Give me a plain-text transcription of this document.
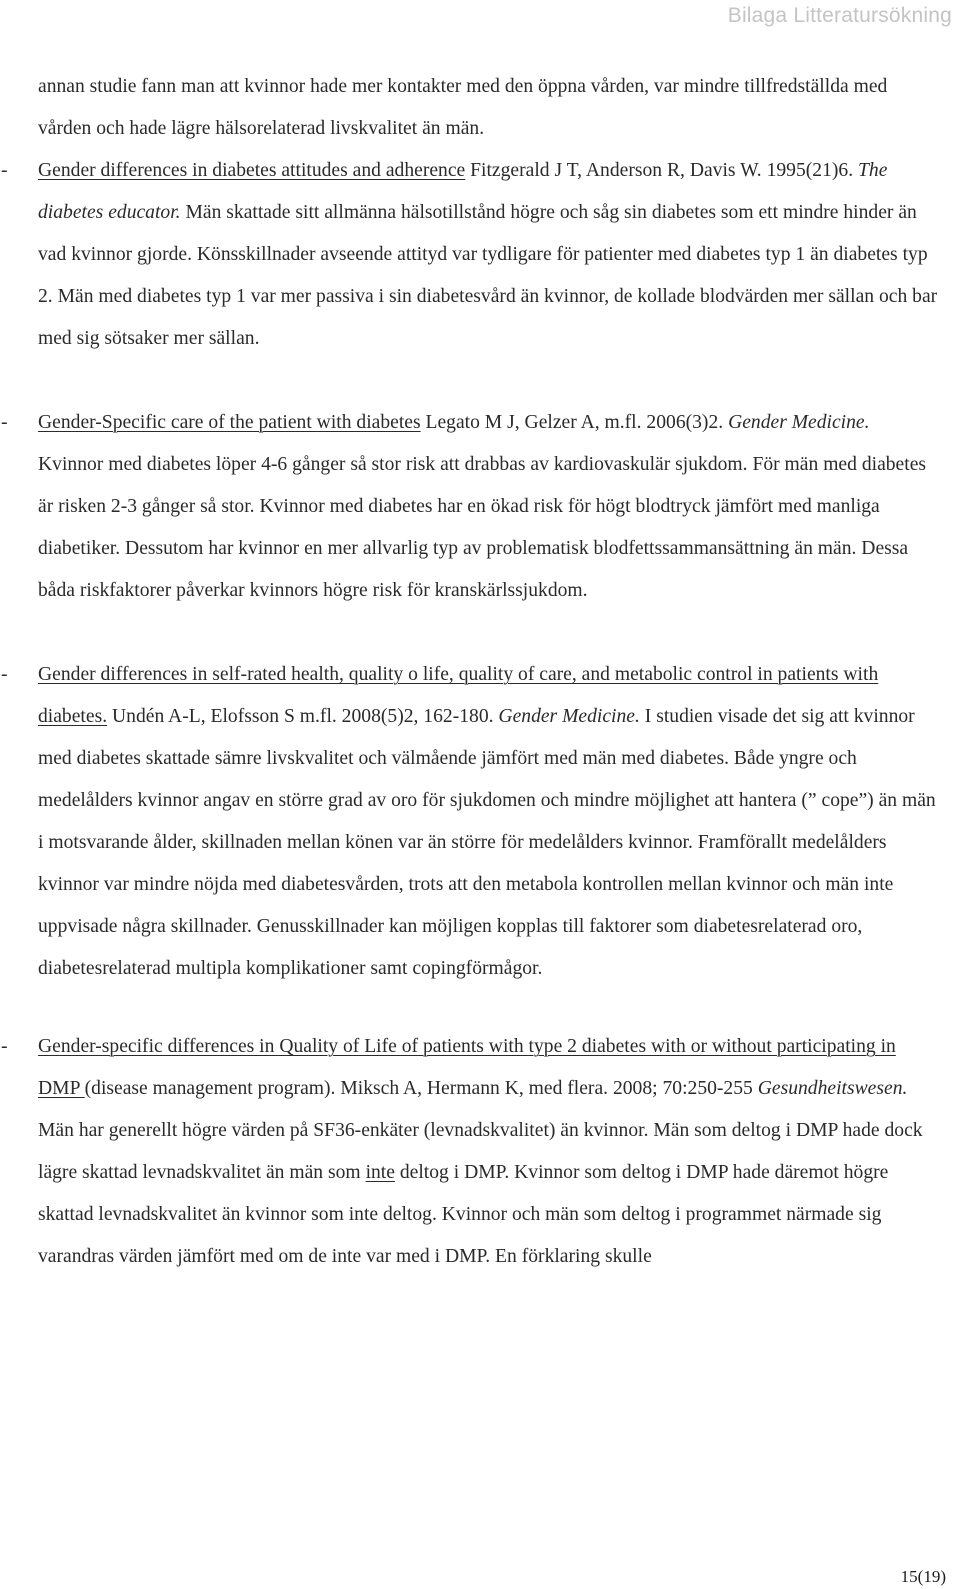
Bilaga Litteratursökning

annan studie fann man att kvinnor hade mer kontakter med den öppna vården, var mindre tillfredställda med vården och hade lägre hälsorelaterad livskvalitet än män.

- Gender differences in diabetes attitudes and adherence Fitzgerald J T, Anderson R, Davis W. 1995(21)6. The diabetes educator. Män skattade sitt allmänna hälsotillstånd högre och såg sin diabetes som ett mindre hinder än vad kvinnor gjorde. Könsskillnader avseende attityd var tydligare för patienter med diabetes typ 1 än diabetes typ 2. Män med diabetes typ 1 var mer passiva i sin diabetesvård än kvinnor, de kollade blodvärden mer sällan och bar med sig sötsaker mer sällan.

- Gender-Specific care of the patient with diabetes Legato M J, Gelzer A, m.fl. 2006(3)2. Gender Medicine. Kvinnor med diabetes löper 4-6 gånger så stor risk att drabbas av kardiovaskulär sjukdom. För män med diabetes är risken 2-3 gånger så stor. Kvinnor med diabetes har en ökad risk för högt blodtryck jämfört med manliga diabetiker. Dessutom har kvinnor en mer allvarlig typ av problematisk blodfettssammansättning än män. Dessa båda riskfaktorer påverkar kvinnors högre risk för kranskärlssjukdom.

- Gender differences in self-rated health, quality o life, quality of care, and metabolic control in patients with diabetes. Undén A-L, Elofsson S m.fl. 2008(5)2, 162-180. Gender Medicine. I studien visade det sig att kvinnor med diabetes skattade sämre livskvalitet och välmående jämfört med män med diabetes. Både yngre och medelålders kvinnor angav en större grad av oro för sjukdomen och mindre möjlighet att hantera (” cope”) än män i motsvarande ålder, skillnaden mellan könen var än större för medelålders kvinnor. Framförallt medelålders kvinnor var mindre nöjda med diabetesvården, trots att den metabola kontrollen mellan kvinnor och män inte uppvisade några skillnader. Genusskillnader kan möjligen kopplas till faktorer som diabetesrelaterad oro, diabetesrelaterad multipla komplikationer samt copingförmågor.

- Gender-specific differences in Quality of Life of patients with type 2 diabetes with or without participating in DMP (disease management program). Miksch A, Hermann K, med flera. 2008; 70:250-255 Gesundheitswesen. Män har generellt högre värden på SF36-enkäter (levnadskvalitet) än kvinnor. Män som deltog i DMP hade dock lägre skattad levnadskvalitet än män som inte deltog i DMP. Kvinnor som deltog i DMP hade däremot högre skattad levnadskvalitet än kvinnor som inte deltog. Kvinnor och män som deltog i programmet närmade sig varandras värden jämfört med om de inte var med i DMP. En förklaring skulle

15(19)
